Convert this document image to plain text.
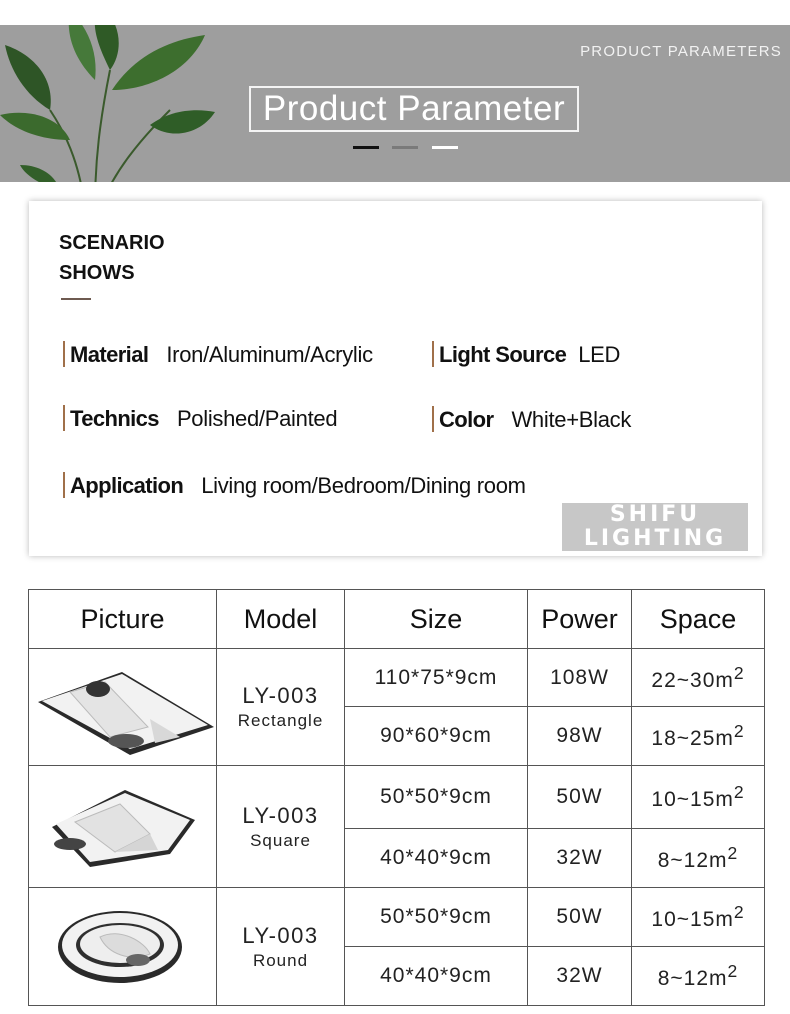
PRODUCT PARAMETERS
Product Parameter
SCENARIO
SHOWS
Material Iron/Aluminum/Acrylic	Light Source LED
Technics Polished/Painted	Color White+Black
Application Living room/Bedroom/Dining room
SHIFU
LIGHTING
Picture	Model	Size	Power	Space

LY-003
Rectangle	110*75*9cm	108W	$22\sim 30m^2$
		90*60*9cm	98W	$18\sim 25m^2$

LY-003
Square	50*50*9cm	50W	$10\sim 15m^2$
		40*40*9cm	32W	$8\sim 12m^2$

LY-003
Round	50*50*9cm	50W	$10\sim 15m^2$
		40*40*9cm	32W	$8\sim 12m^2$
